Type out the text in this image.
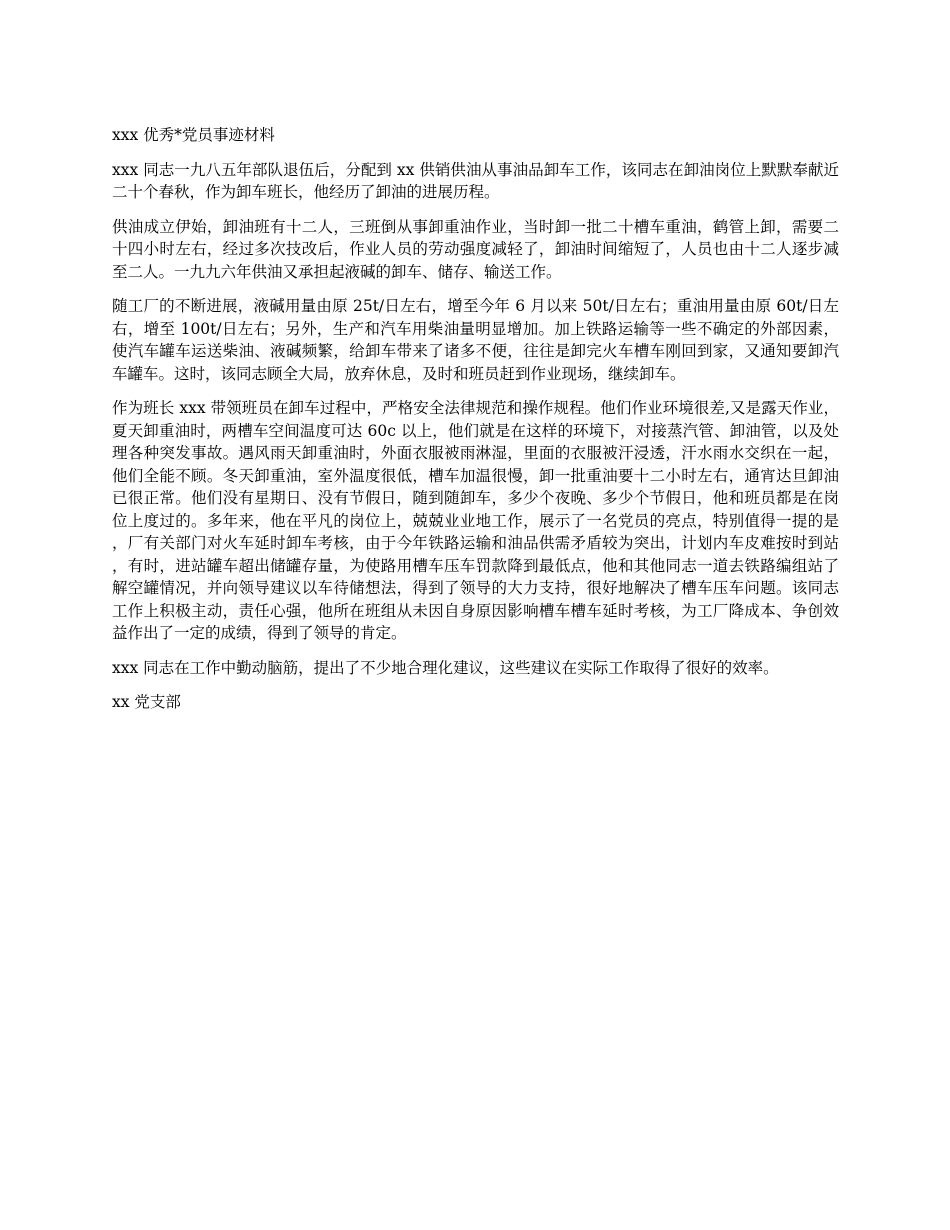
xxx 优秀*党员事迹材料

xxx 同志一九八五年部队退伍后，分配到 xx 供销供油从事油品卸车工作，该同志在卸油岗位上默默奉献近二十个春秋，作为卸车班长，他经历了卸油的进展历程。

供油成立伊始，卸油班有十二人，三班倒从事卸重油作业，当时卸一批二十槽车重油，鹤管上卸，需要二十四小时左右，经过多次技改后，作业人员的劳动强度减轻了，卸油时间缩短了，人员也由十二人逐步减至二人。一九九六年供油又承担起液碱的卸车、储存、输送工作。

随工厂的不断进展，液碱用量由原 25t/日左右，增至今年 6 月以来 50t/日左右；重油用量由原 60t/日左右，增至 100t/日左右；另外，生产和汽车用柴油量明显增加。加上铁路运输等一些不确定的外部因素，使汽车罐车运送柴油、液碱频繁，给卸车带来了诸多不便，往往是卸完火车槽车刚回到家，又通知要卸汽车罐车。这时，该同志顾全大局，放弃休息，及时和班员赶到作业现场，继续卸车。

作为班长 xxx 带领班员在卸车过程中，严格安全法律规范和操作规程。他们作业环境很差,又是露天作业，夏天卸重油时，两槽车空间温度可达 60c 以上，他们就是在这样的环境下，对接蒸汽管、卸油管，以及处理各种突发事故。遇风雨天卸重油时，外面衣服被雨淋湿，里面的衣服被汗浸透，汗水雨水交织在一起，他们全能不顾。冬天卸重油，室外温度很低，槽车加温很慢，卸一批重油要十二小时左右，通宵达旦卸油已很正常。他们没有星期日、没有节假日，随到随卸车，多少个夜晚、多少个节假日，他和班员都是在岗位上度过的。多年来，他在平凡的岗位上，兢兢业业地工作，展示了一名党员的亮点，特别值得一提的是，厂有关部门对火车延时卸车考核，由于今年铁路运输和油品供需矛盾较为突出，计划内车皮难按时到站，有时，进站罐车超出储罐存量，为使路用槽车压车罚款降到最低点，他和其他同志一道去铁路编组站了解空罐情况，并向领导建议以车待储想法，得到了领导的大力支持，很好地解决了槽车压车问题。该同志工作上积极主动，责任心强，他所在班组从未因自身原因影响槽车槽车延时考核，为工厂降成本、争创效益作出了一定的成绩，得到了领导的肯定。

xxx 同志在工作中勤动脑筋，提出了不少地合理化建议，这些建议在实际工作取得了很好的效率。

xx 党支部
